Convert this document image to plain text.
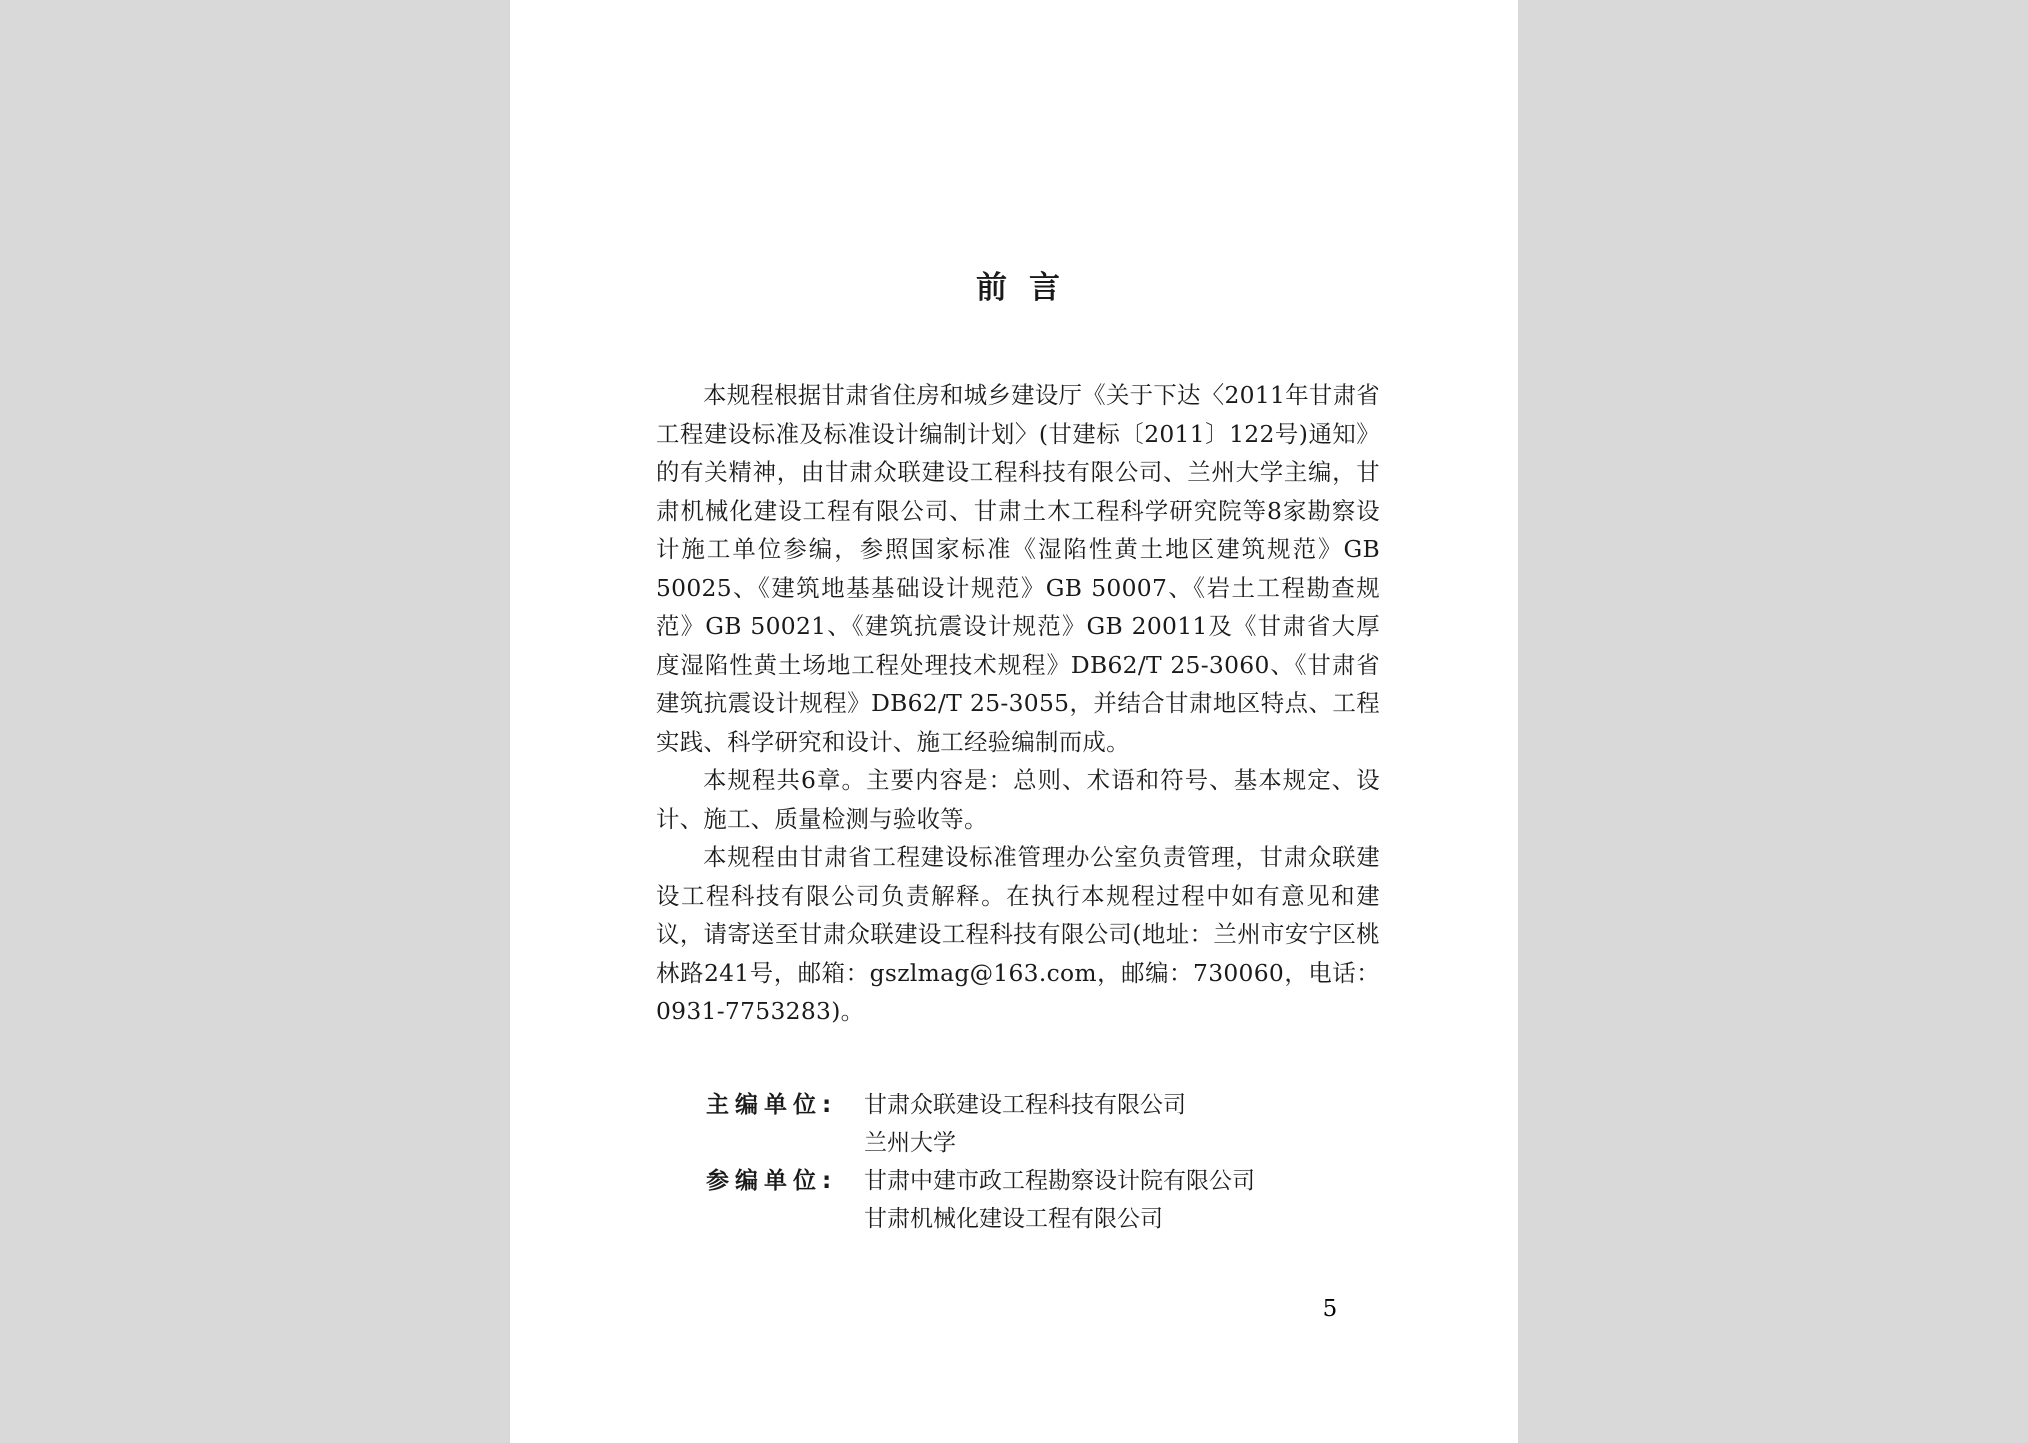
前言

本规程根据甘肃省住房和城乡建设厅《关于下达〈2011年甘肃省工程建设标准及标准设计编制计划〉(甘建标〔2011〕122号)通知》的有关精神，由甘肃众联建设工程科技有限公司、兰州大学主编，甘肃机械化建设工程有限公司、甘肃土木工程科学研究院等8家勘察设计施工单位参编，参照国家标准《湿陷性黄土地区建筑规范》GB 50025、《建筑地基基础设计规范》GB 50007、《岩土工程勘查规范》GB 50021、《建筑抗震设计规范》GB 20011及《甘肃省大厚度湿陷性黄土场地工程处理技术规程》DB62/T 25-3060、《甘肃省建筑抗震设计规程》DB62/T 25-3055，并结合甘肃地区特点、工程实践、科学研究和设计、施工经验编制而成。

本规程共6章。主要内容是：总则、术语和符号、基本规定、设计、施工、质量检测与验收等。

本规程由甘肃省工程建设标准管理办公室负责管理，甘肃众联建设工程科技有限公司负责解释。在执行本规程过程中如有意见和建议，请寄送至甘肃众联建设工程科技有限公司(地址：兰州市安宁区桃林路241号，邮箱：gszlmag@163.com，邮编：730060，电话：0931-7753283)。

主编单位:	甘肃众联建设工程科技有限公司
兰州大学
参编单位:	甘肃中建市政工程勘察设计院有限公司
甘肃机械化建设工程有限公司
5
